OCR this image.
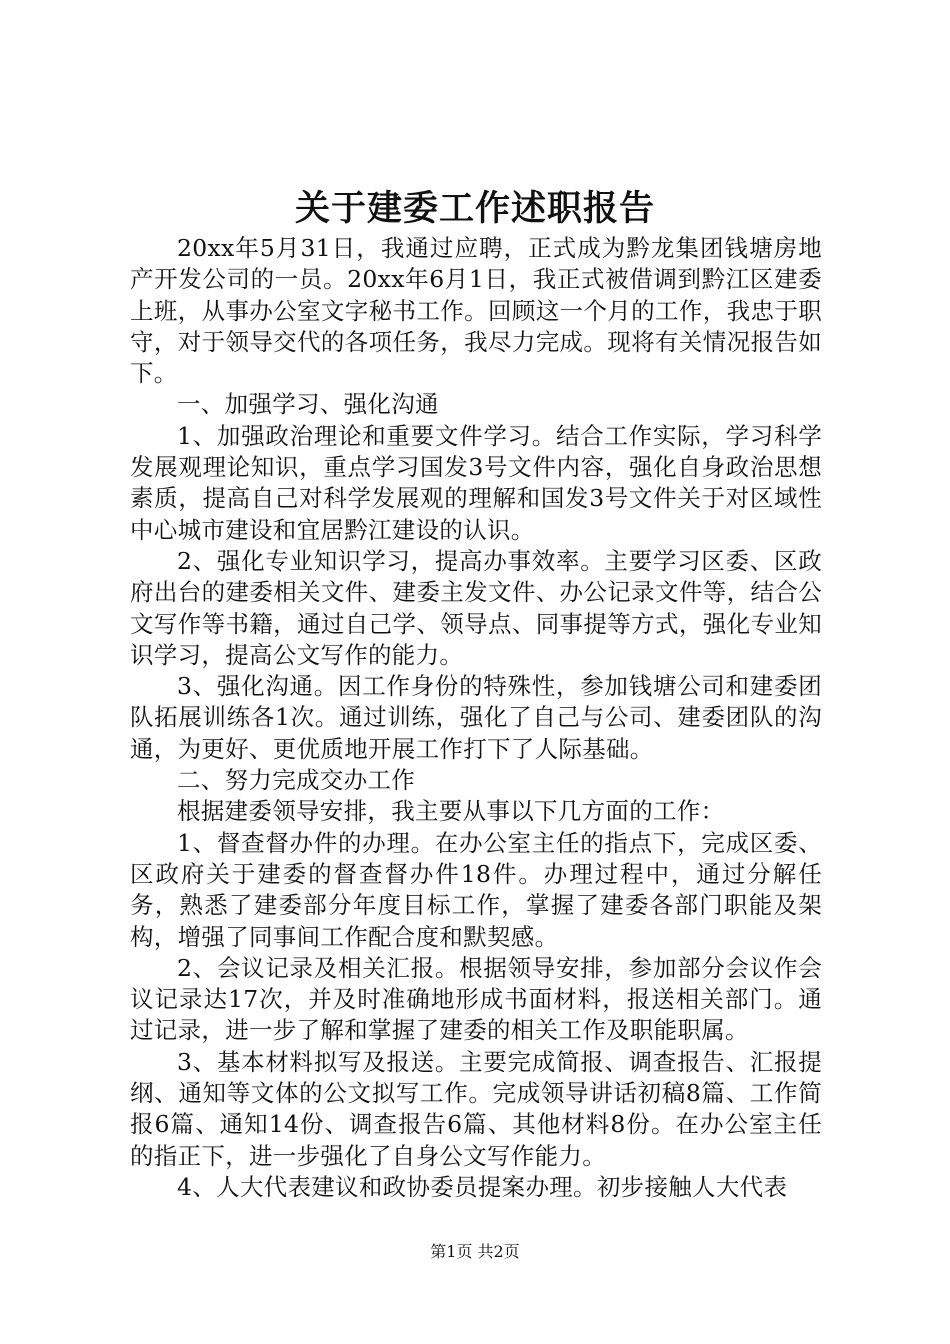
关于建委工作述职报告

20xx年5月31日，我通过应聘，正式成为黔龙集团钱塘房地产开发公司的一员。20xx年6月1日，我正式被借调到黔江区建委上班，从事办公室文字秘书工作。回顾这一个月的工作，我忠于职守，对于领导交代的各项任务，我尽力完成。现将有关情况报告如下。

一、加强学习、强化沟通

1、加强政治理论和重要文件学习。结合工作实际，学习科学发展观理论知识，重点学习国发3号文件内容，强化自身政治思想素质，提高自己对科学发展观的理解和国发3号文件关于对区域性中心城市建设和宜居黔江建设的认识。

2、强化专业知识学习，提高办事效率。主要学习区委、区政府出台的建委相关文件、建委主发文件、办公记录文件等，结合公文写作等书籍，通过自己学、领导点、同事提等方式，强化专业知识学习，提高公文写作的能力。

3、强化沟通。因工作身份的特殊性，参加钱塘公司和建委团队拓展训练各1次。通过训练，强化了自己与公司、建委团队的沟通，为更好、更优质地开展工作打下了人际基础。

二、努力完成交办工作

根据建委领导安排，我主要从事以下几方面的工作：

1、督查督办件的办理。在办公室主任的指点下，完成区委、区政府关于建委的督查督办件18件。办理过程中，通过分解任务，熟悉了建委部分年度目标工作，掌握了建委各部门职能及架构，增强了同事间工作配合度和默契感。

2、会议记录及相关汇报。根据领导安排，参加部分会议作会议记录达17次，并及时准确地形成书面材料，报送相关部门。通过记录，进一步了解和掌握了建委的相关工作及职能职属。

3、基本材料拟写及报送。主要完成简报、调查报告、汇报提纲、通知等文体的公文拟写工作。完成领导讲话初稿8篇、工作简报6篇、通知14份、调查报告6篇、其他材料8份。在办公室主任的指正下，进一步强化了自身公文写作能力。

4、人大代表建议和政协委员提案办理。初步接触人大代表

第1页 共2页
